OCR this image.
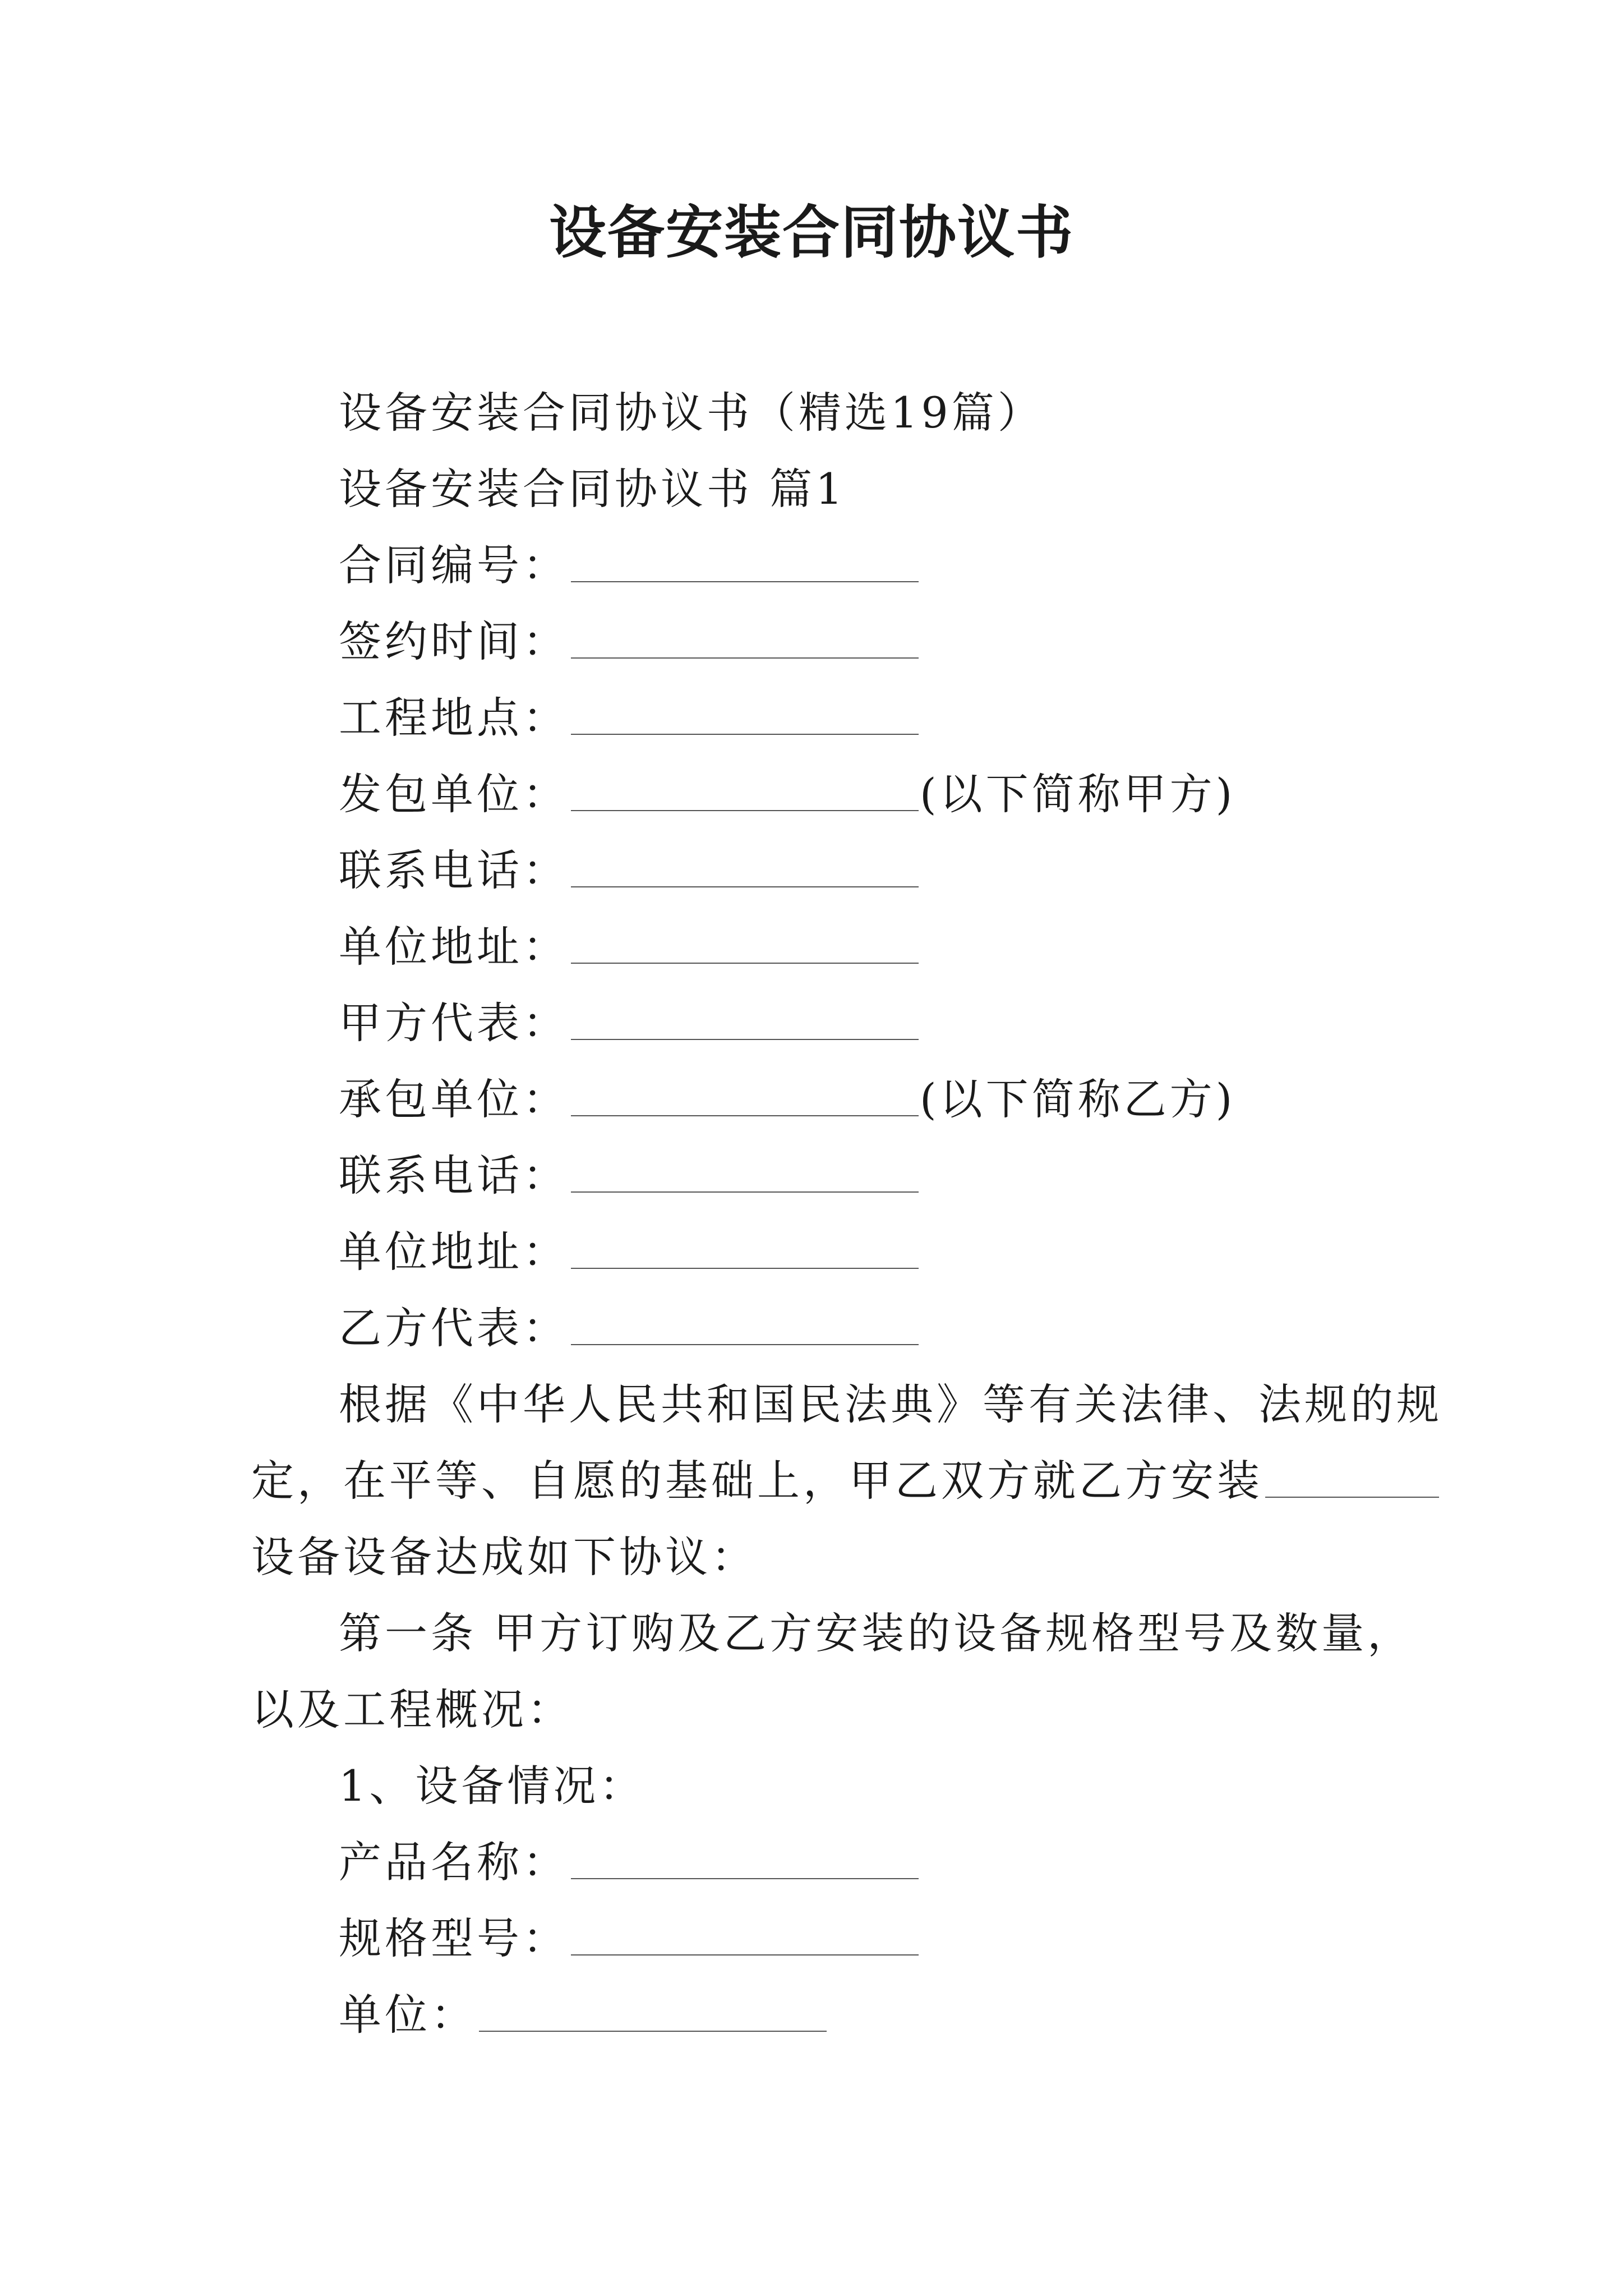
设备安装合同协议书
设备安装合同协议书（精选19篇）
设备安装合同协议书 篇1
合同编号：
签约时间：
工程地点：
发包单位：	(以下简称甲方)
联系电话：
单位地址：
甲方代表：
承包单位：	(以下简称乙方)
联系电话：
单位地址：
乙方代表：
根据《中华人民共和国民法典》等有关法律、法规的规
定，在平等、自愿的基础上，甲乙双方就乙方安装
设备设备达成如下协议：
第一条 甲方订购及乙方安装的设备规格型号及数量，
以及工程概况：
1、设备情况：
产品名称：
规格型号：
单位：
